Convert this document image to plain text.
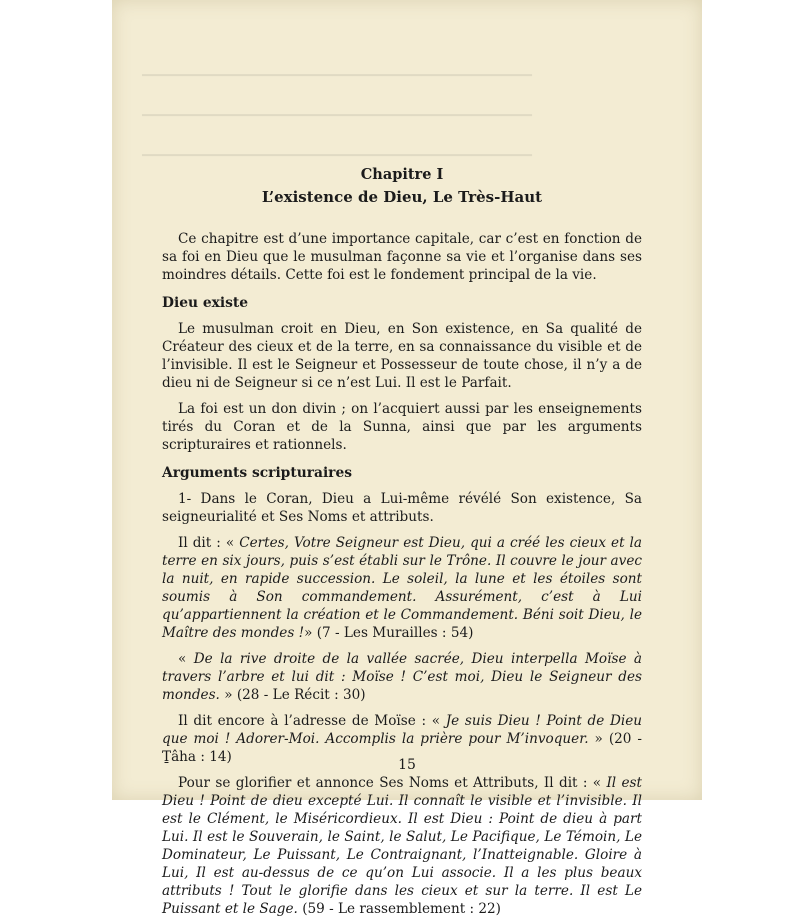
▁▁▁▁▁▁▁▁▁▁▁▁▁▁▁▁▁▁▁▁▁▁▁▁▁▁▁▁▁▁▁▁▁▁▁▁▁▁▁
▁▁▁▁▁▁▁▁▁▁▁▁▁▁▁▁▁▁▁▁▁▁▁▁▁▁▁▁▁▁▁▁▁▁▁▁▁▁▁
▁▁▁▁▁▁▁▁▁▁▁▁▁▁▁▁▁▁▁▁▁▁▁▁▁▁▁▁▁▁▁▁▁▁▁▁▁▁▁
Chapitre I
L’existence de Dieu, Le Très-Haut

Ce chapitre est d’une importance capitale, car c’est en fonction de sa foi en Dieu que le musulman façonne sa vie et l’organise dans ses moindres détails. Cette foi est le fondement principal de la vie.

Dieu existe

Le musulman croit en Dieu, en Son existence, en Sa qualité de Créateur des cieux et de la terre, en sa connaissance du visible et de l’invisible. Il est le Seigneur et Possesseur de toute chose, il n’y a de dieu ni de Seigneur si ce n’est Lui. Il est le Parfait.

La foi est un don divin ; on l’acquiert aussi par les enseignements tirés du Coran et de la Sunna, ainsi que par les arguments scripturaires et rationnels.

Arguments scripturaires

1- Dans le Coran, Dieu a Lui-même révélé Son existence, Sa seigneurialité et Ses Noms et attributs.

Il dit : « Certes, Votre Seigneur est Dieu, qui a créé les cieux et la terre en six jours, puis s’est établi sur le Trône. Il couvre le jour avec la nuit, en rapide succession. Le soleil, la lune et les étoiles sont soumis à Son commandement. Assurément, c’est à Lui qu’appartiennent la création et le Commandement. Béni soit Dieu, le Maître des mondes !» (7 - Les Murailles : 54)

« De la rive droite de la vallée sacrée, Dieu interpella Moïse à travers l’arbre et lui dit : Moïse ! C’est moi, Dieu le Seigneur des mondes. » (28 - Le Récit : 30)

Il dit encore à l’adresse de Moïse : « Je suis Dieu ! Point de Dieu que moi ! Adorer-Moi. Accomplis la prière pour M’invoquer. » (20 - Ṯâha : 14)

Pour se glorifier et annonce Ses Noms et Attributs, Il dit : « Il est Dieu ! Point de dieu excepté Lui. Il connaît le visible et l’invisible. Il est le Clément, le Miséricordieux. Il est Dieu : Point de dieu à part Lui. Il est le Souverain, le Saint, le Salut, Le Pacifique, Le Témoin, Le Dominateur, Le Puissant, Le Contraignant, l’Inatteignable. Gloire à Lui, Il est au-dessus de ce qu’on Lui associe. Il a les plus beaux attributs ! Tout le glorifie dans les cieux et sur la terre. Il est Le Puissant et le Sage. (59 - Le rassemblement : 22)

15
